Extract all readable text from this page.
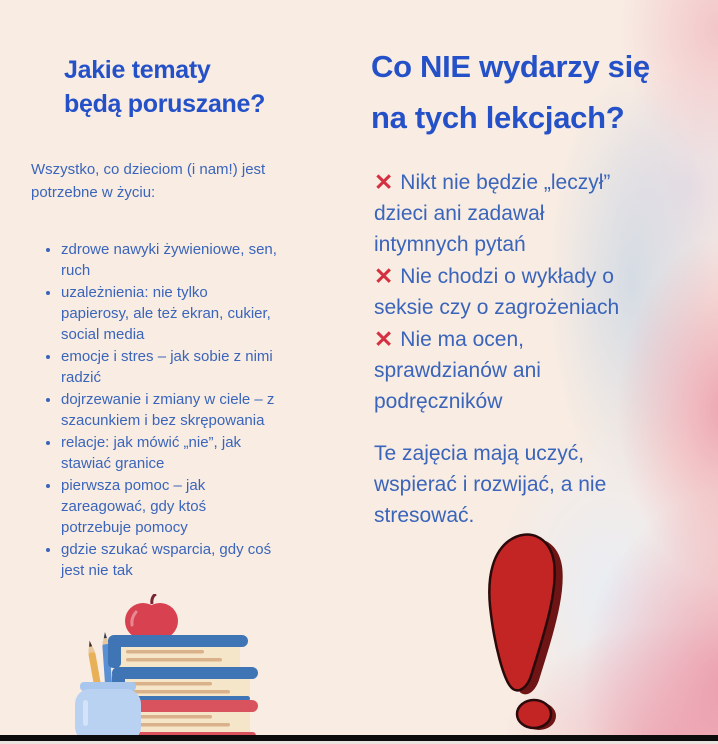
Jakie tematy
będą poruszane?
Wszystko, co dzieciom (i nam!) jest
potrzebne w życiu:
• zdrowe nawyki żywieniowe, sen,
ruch
• uzależnienia: nie tylko
papierosy, ale też ekran, cukier,
social media
• emocje i stres – jak sobie z nimi
radzić
• dojrzewanie i zmiany w ciele – z
szacunkiem i bez skrępowania
• relacje: jak mówić „nie”, jak
stawiać granice
• pierwsza pomoc – jak
zareagować, gdy ktoś
potrzebuje pomocy
• gdzie szukać wsparcia, gdy coś
jest nie tak
Co NIE wydarzy się
na tych lekcjach?

✕ Nikt nie będzie „leczył”

dzieci ani zadawał

intymnych pytań

✕ Nie chodzi o wykłady o

seksie czy o zagrożeniach

✕ Nie ma ocen,

sprawdzianów ani

podręczników

Te zajęcia mają uczyć,
wspierać i rozwijać, a nie
stresować.
